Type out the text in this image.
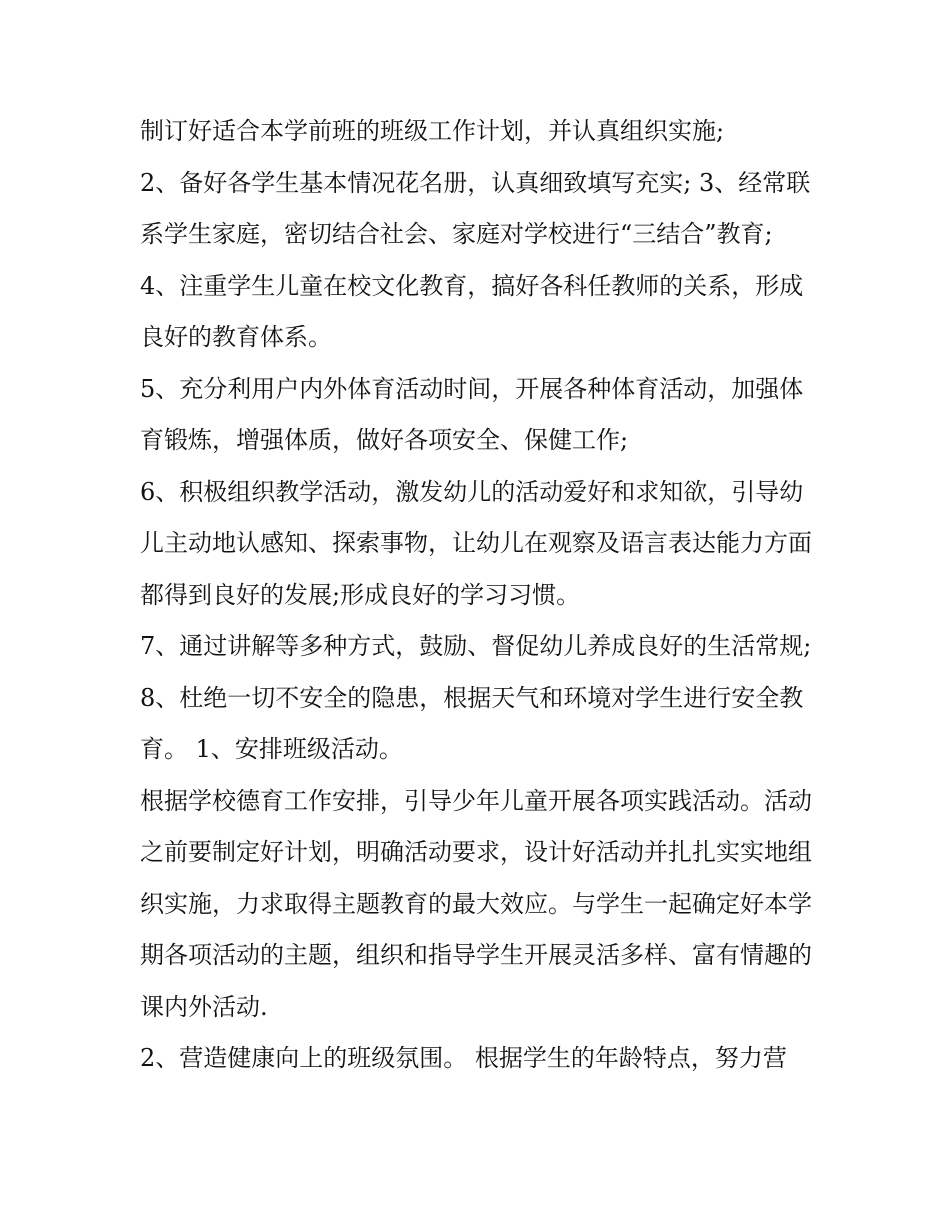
制订好适合本学前班的班级工作计划，并认真组织实施;

2、备好各学生基本情况花名册，认真细致填写充实; 3、经常联系学生家庭，密切结合社会、家庭对学校进行“三结合”教育;

4、注重学生儿童在校文化教育，搞好各科任教师的关系，形成良好的教育体系。

5、充分利用户内外体育活动时间，开展各种体育活动，加强体育锻炼，增强体质，做好各项安全、保健工作;

6、积极组织教学活动，激发幼儿的活动爱好和求知欲，引导幼儿主动地认感知、探索事物，让幼儿在观察及语言表达能力方面都得到良好的发展;形成良好的学习习惯。

7、通过讲解等多种方式，鼓励、督促幼儿养成良好的生活常规; 8、杜绝一切不安全的隐患，根据天气和环境对学生进行安全教育。 1、安排班级活动。

根据学校德育工作安排，引导少年儿童开展各项实践活动。活动之前要制定好计划，明确活动要求，设计好活动并扎扎实实地组织实施，力求取得主题教育的最大效应。与学生一起确定好本学期各项活动的主题，组织和指导学生开展灵活多样、富有情趣的课内外活动.

2、营造健康向上的班级氛围。 根据学生的年龄特点，努力营
